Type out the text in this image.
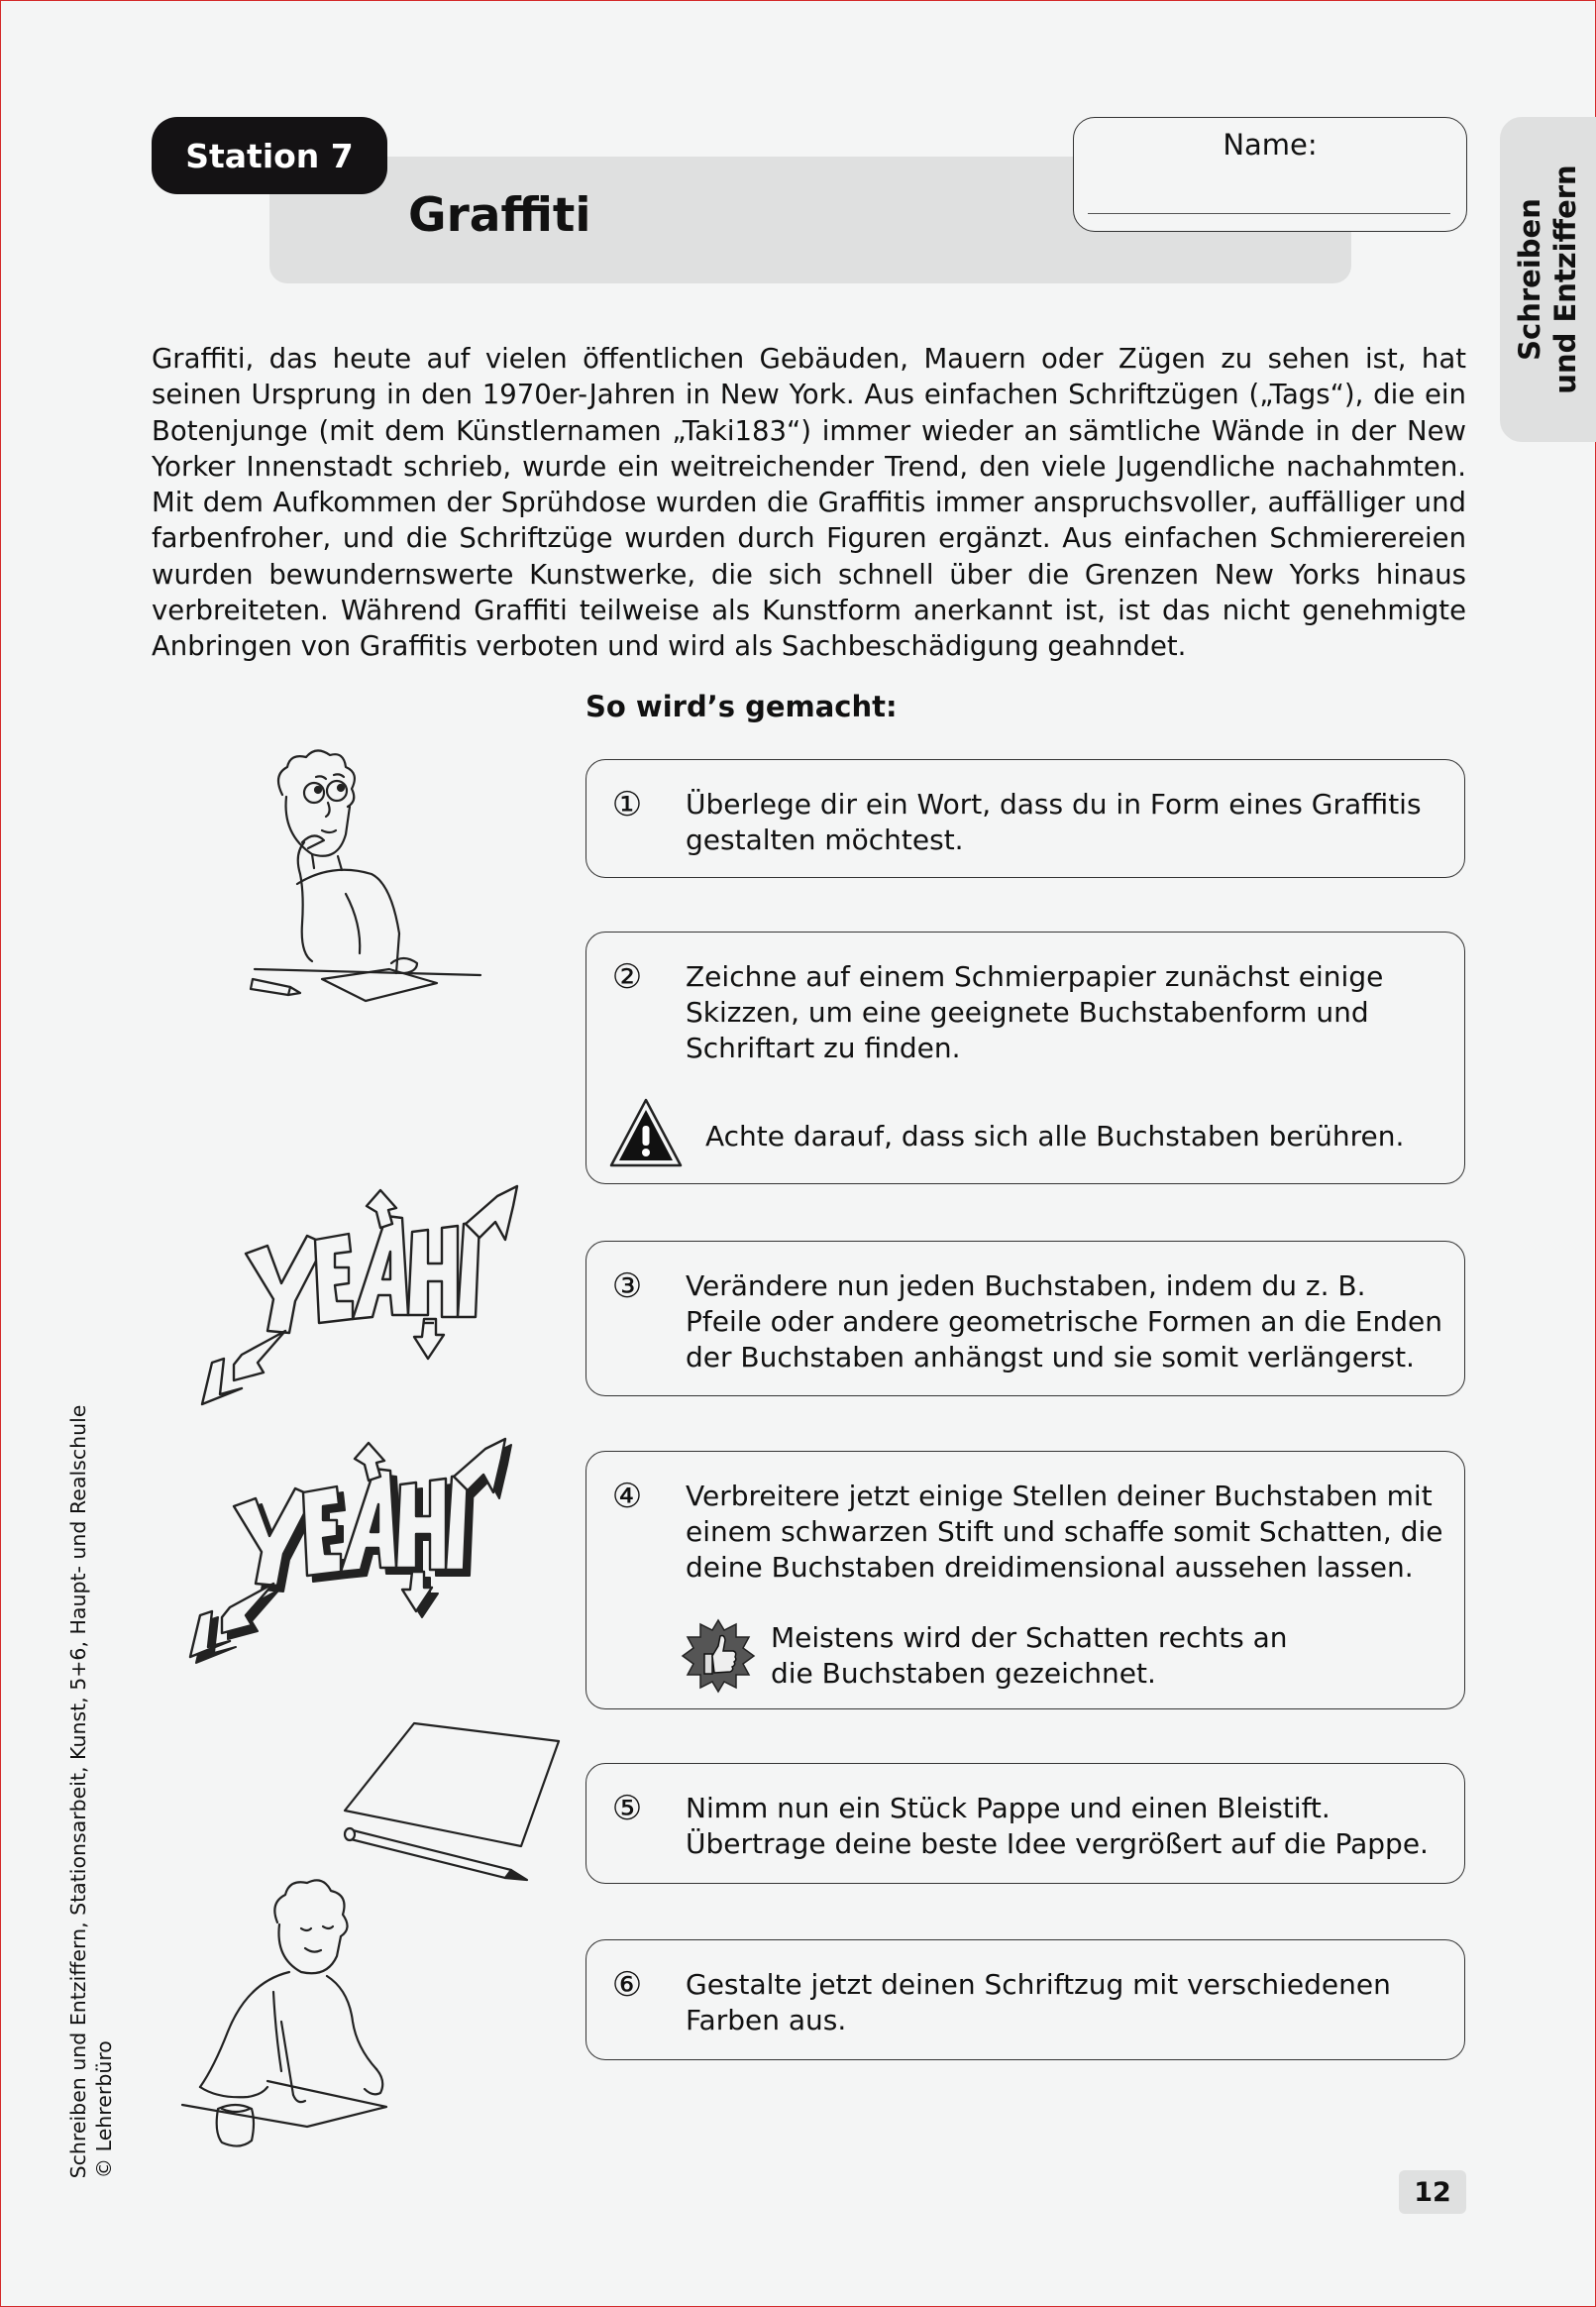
Station 7
Graffiti
Name:
Schreiben und Entziffern

Graffiti, das heute auf vielen öffentlichen Gebäuden, Mauern oder Zügen zu sehen ist, hat seinen Ursprung in den 1970er-Jahren in New York. Aus einfachen Schriftzügen („Tags“), die ein Botenjunge (mit dem Künstlernamen „Taki183“) immer wieder an sämtliche Wände in der New Yorker Innenstadt schrieb, wurde ein weitreichender Trend, den viele Jugendliche nachahmten. Mit dem Aufkommen der Sprühdose wurden die Graffitis immer anspruchsvoller, auffälliger und farbenfroher, und die Schriftzüge wurden durch Figuren ergänzt. Aus einfachen Schmierereien wurden bewundernswerte Kunstwerke, die sich schnell über die Grenzen New Yorks hinaus verbreiteten. Während Graffiti teilweise als Kunstform anerkannt ist, ist das nicht genehmigte Anbringen von Graffitis verboten und wird als Sachbeschädigung geahndet.

So wird’s gemacht:
① Überlege dir ein Wort, dass du in Form eines Graffitis gestalten möchtest.
② Zeichne auf einem Schmierpapier zunächst einige Skizzen, um eine geeignete Buchstabenform und Schriftart zu finden.
Achte darauf, dass sich alle Buchstaben berühren.
③ Verändere nun jeden Buchstaben, indem du z. B. Pfeile oder andere geometrische Formen an die Enden der Buchstaben anhängst und sie somit verlängerst.
④ Verbreitere jetzt einige Stellen deiner Buchstaben mit einem schwarzen Stift und schaffe somit Schatten, die deine Buchstaben dreidimensional aussehen lassen.
Meistens wird der Schatten rechts an die Buchstaben gezeichnet.
⑤ Nimm nun ein Stück Pappe und einen Bleistift. Übertrage deine beste Idee vergrößert auf die Pappe.
⑥ Gestalte jetzt deinen Schriftzug mit verschiedenen Farben aus.
YEAH
12
Schreiben und Entziffern, Stationsarbeit, Kunst, 5+6, Haupt- und Realschule © Lehrerbüro
